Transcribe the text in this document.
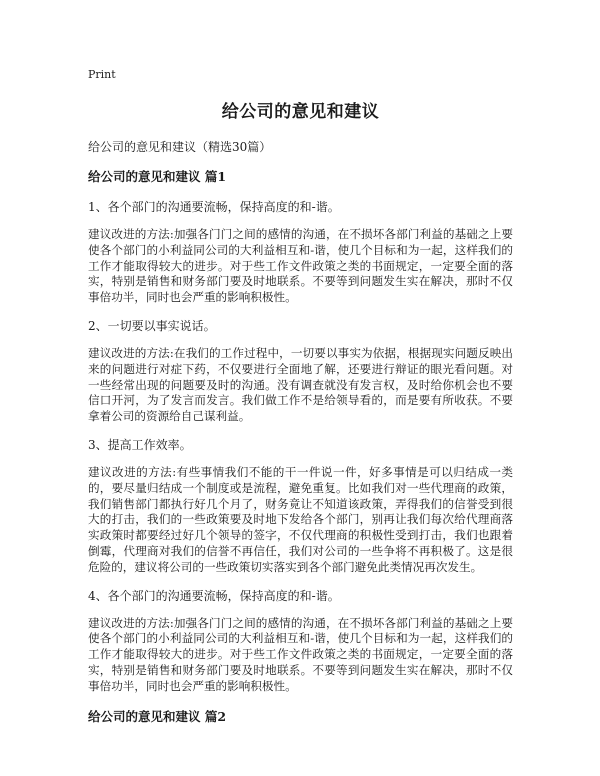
Print
给公司的意见和建议
给公司的意见和建议（精选30篇）
给公司的意见和建议 篇1
1、各个部门的沟通要流畅，保持高度的和-谐。
建议改进的方法:加强各门门之间的感情的沟通，在不损坏各部门利益的基础之上要使各个部门的小利益同公司的大利益相互和-谐，使几个目标和为一起，这样我们的工作才能取得较大的进步。对于些工作文件政策之类的书面规定，一定要全面的落实，特别是销售和财务部门要及时地联系。不要等到问题发生实在解决，那时不仅事倍功半，同时也会严重的影响积极性。
2、一切要以事实说话。
建议改进的方法:在我们的工作过程中，一切要以事实为依据，根据现实问题反映出来的问题进行对症下药，不仅要进行全面地了解，还要进行辩证的眼光看问题。对一些经常出现的问题要及时的沟通。没有调查就没有发言权，及时给你机会也不要信口开河，为了发言而发言。我们做工作不是给领导看的，而是要有所收获。不要拿着公司的资源给自己谋利益。
3、提高工作效率。
建议改进的方法:有些事情我们不能的干一件说一件，好多事情是可以归结成一类的，要尽量归结成一个制度或是流程，避免重复。比如我们对一些代理商的政策，我们销售部门都执行好几个月了，财务竟让不知道该政策，弄得我们的信誉受到很大的打击，我们的一些政策要及时地下发给各个部门，别再让我们每次给代理商落实政策时都要经过好几个领导的签字，不仅代理商的积极性受到打击，我们也跟着倒霉，代理商对我们的信誉不再信任，我们对公司的一些争将不再积极了。这是很危险的，建议将公司的一些政策切实落实到各个部门避免此类情况再次发生。
4、各个部门的沟通要流畅，保持高度的和-谐。
建议改进的方法:加强各门门之间的感情的沟通，在不损坏各部门利益的基础之上要使各个部门的小利益同公司的大利益相互和-谐，使几个目标和为一起，这样我们的工作才能取得较大的进步。对于些工作文件政策之类的书面规定，一定要全面的落实，特别是销售和财务部门要及时地联系。不要等到问题发生实在解决，那时不仅事倍功半，同时也会严重的影响积极性。
给公司的意见和建议 篇2
